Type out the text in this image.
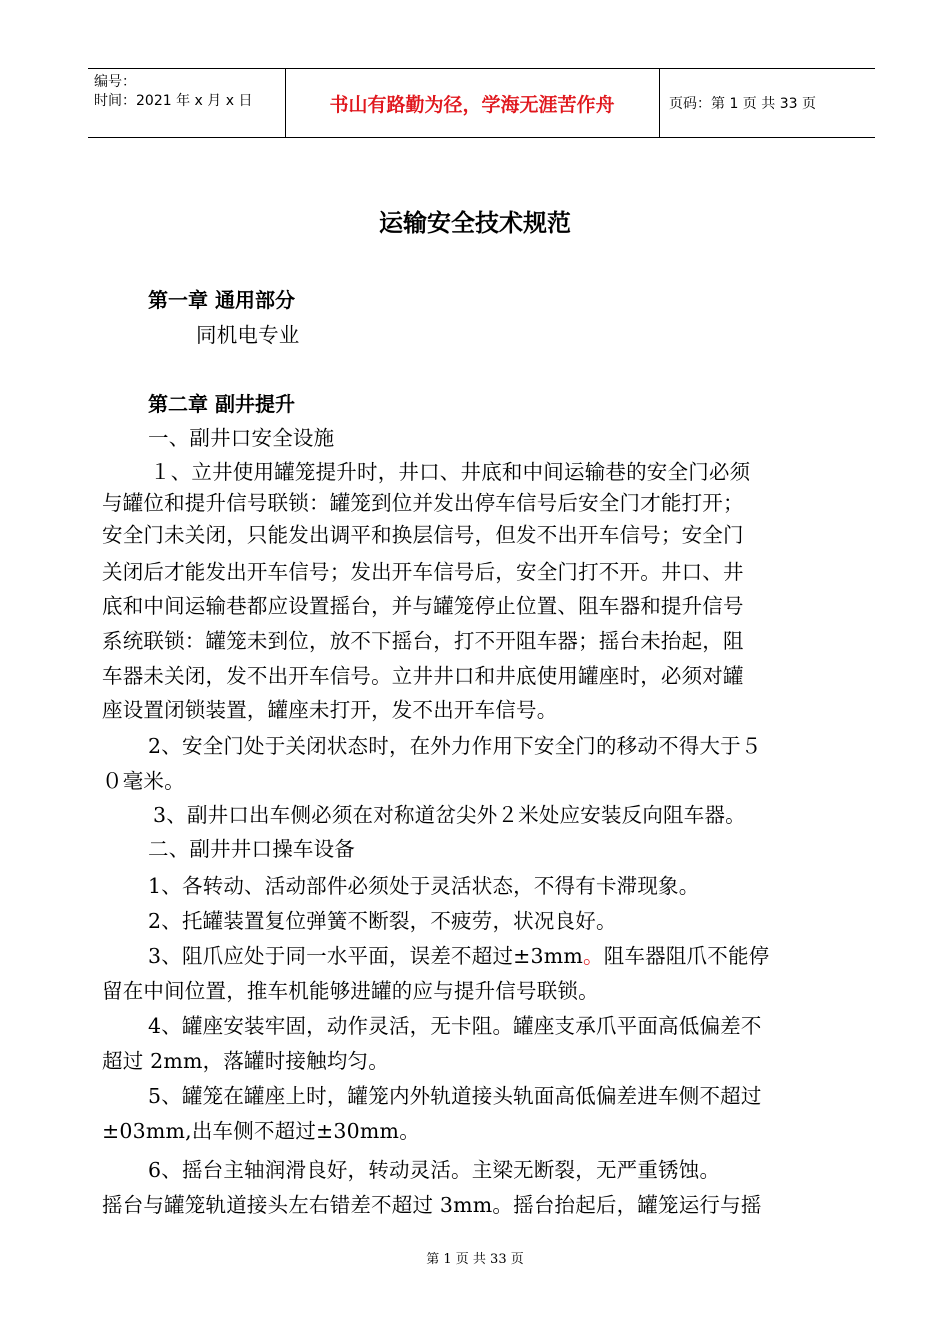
编号：
时间：2021 年 x 月 x 日	书山有路勤为径，学海无涯苦作舟	页码：第 1 页 共 33 页
运输安全技术规范
第一章 通用部分
同机电专业
第二章 副井提升
一、副井口安全设施
１、立井使用罐笼提升时，井口、井底和中间运输巷的安全门必须
与罐位和提升信号联锁：罐笼到位并发出停车信号后安全门才能打开；
安全门未关闭，只能发出调平和换层信号，但发不出开车信号；安全门
关闭后才能发出开车信号；发出开车信号后，安全门打不开。井口、井
底和中间运输巷都应设置摇台，并与罐笼停止位置、阻车器和提升信号
系统联锁：罐笼未到位，放不下摇台，打不开阻车器；摇台未抬起，阻
车器未关闭，发不出开车信号。立井井口和井底使用罐座时，必须对罐
座设置闭锁装置，罐座未打开，发不出开车信号。
2、安全门处于关闭状态时，在外力作用下安全门的移动不得大于５
０毫米。
3、副井口出车侧必须在对称道岔尖外２米处应安装反向阻车器。
二、副井井口操车设备
1、各转动、活动部件必须处于灵活状态，不得有卡滞现象。
2、托罐装置复位弹簧不断裂，不疲劳，状况良好。
3、阻爪应处于同一水平面，误差不超过±3mm。阻车器阻爪不能停
留在中间位置，推车机能够进罐的应与提升信号联锁。
4、罐座安装牢固，动作灵活，无卡阻。罐座支承爪平面高低偏差不
超过 2mm，落罐时接触均匀。
5、罐笼在罐座上时，罐笼内外轨道接头轨面高低偏差进车侧不超过
±03mm,出车侧不超过±30mm。
6、摇台主轴润滑良好，转动灵活。主梁无断裂，无严重锈蚀。
摇台与罐笼轨道接头左右错差不超过 3mm。摇台抬起后，罐笼运行与摇
第 1 页 共 33 页
